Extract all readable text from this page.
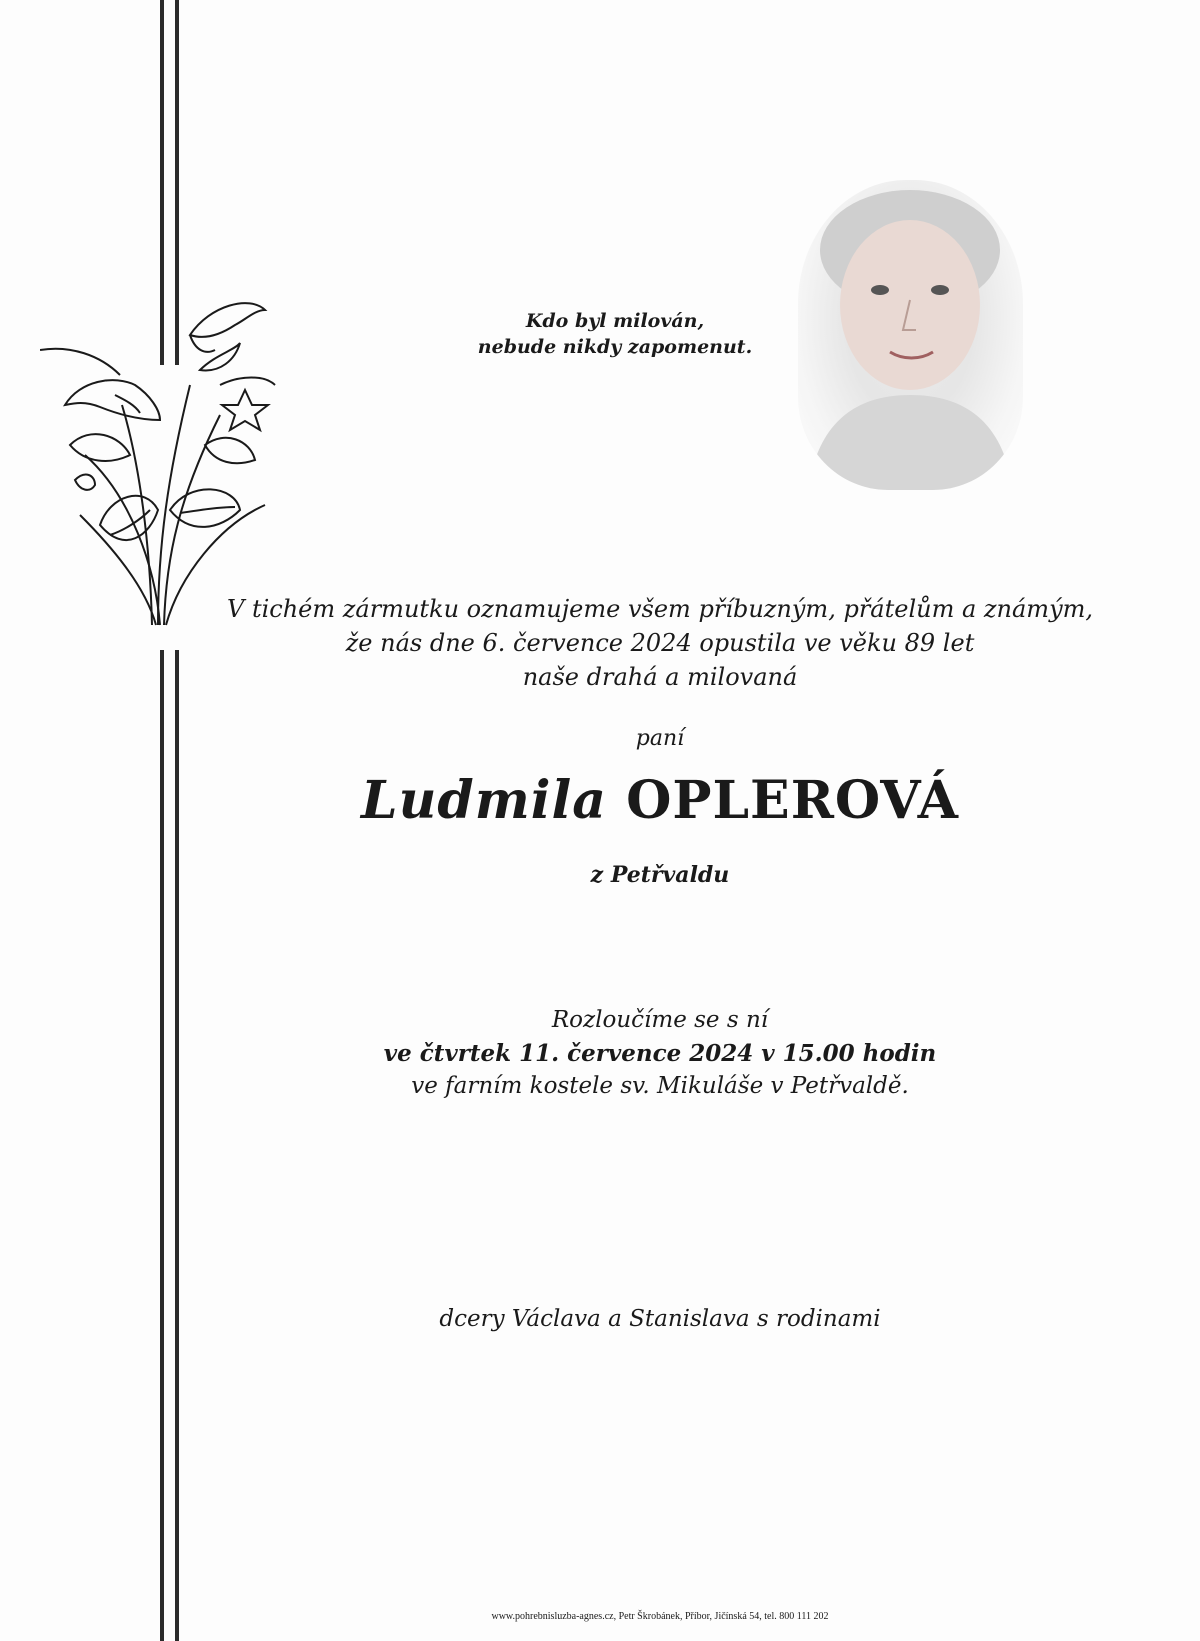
Kdo byl milován,
nebude nikdy zapomenut.
V tichém zármutku oznamujeme všem příbuzným, přátelům a známým,
že nás dne 6. července 2024 opustila ve věku 89 let
naše drahá a milovaná
paní
Ludmila OPLEROVÁ
z Petřvaldu
Rozloučíme se s ní
ve čtvrtek 11. července 2024 v 15.00 hodin
ve farním kostele sv. Mikuláše v Petřvaldě.
dcery Václava a Stanislava s rodinami
www.pohrebnisluzba-agnes.cz, Petr Škrobánek, Příbor, Jičínská 54, tel. 800 111 202
